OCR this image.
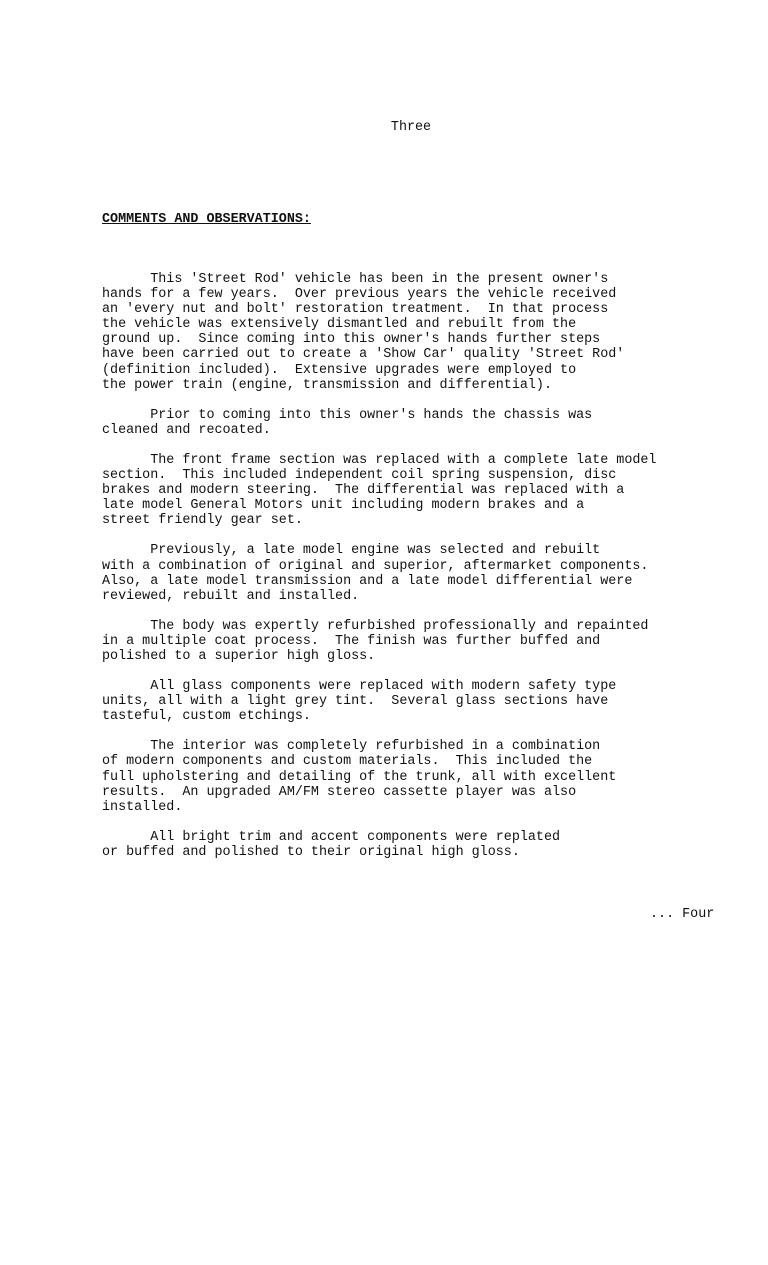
Three

COMMENTS AND OBSERVATIONS:

This 'Street Rod' vehicle has been in the present owner's
hands for a few years.  Over previous years the vehicle received
an 'every nut and bolt' restoration treatment.  In that process
the vehicle was extensively dismantled and rebuilt from the
ground up.  Since coming into this owner's hands further steps
have been carried out to create a 'Show Car' quality 'Street Rod'
(definition included).  Extensive upgrades were employed to
the power train (engine, transmission and differential).

Prior to coming into this owner's hands the chassis was
cleaned and recoated.

The front frame section was replaced with a complete late model
section.  This included independent coil spring suspension, disc
brakes and modern steering.  The differential was replaced with a
late model General Motors unit including modern brakes and a
street friendly gear set.

Previously, a late model engine was selected and rebuilt
with a combination of original and superior, aftermarket components.
Also, a late model transmission and a late model differential were
reviewed, rebuilt and installed.

The body was expertly refurbished professionally and repainted
in a multiple coat process.  The finish was further buffed and
polished to a superior high gloss.

All glass components were replaced with modern safety type
units, all with a light grey tint.  Several glass sections have
tasteful, custom etchings.

The interior was completely refurbished in a combination
of modern components and custom materials.  This included the
full upholstering and detailing of the trunk, all with excellent
results.  An upgraded AM/FM stereo cassette player was also
installed.

All bright trim and accent components were replated
or buffed and polished to their original high gloss.

... Four
